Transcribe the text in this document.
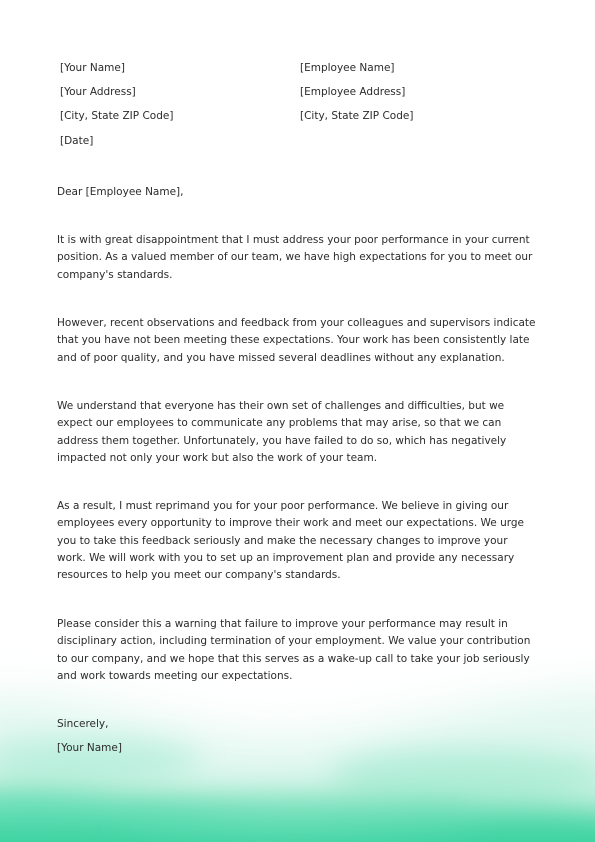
[Your Name]
[Your Address]
[City, State ZIP Code]
[Date]
[Employee Name]
[Employee Address]
[City, State ZIP Code]
Dear [Employee Name],

It is with great disappointment that I must address your poor performance in your current position. As a valued member of our team, we have high expectations for you to meet our company's standards.

However, recent observations and feedback from your colleagues and supervisors indicate that you have not been meeting these expectations. Your work has been consistently late and of poor quality, and you have missed several deadlines without any explanation.

We understand that everyone has their own set of challenges and difficulties, but we expect our employees to communicate any problems that may arise, so that we can address them together. Unfortunately, you have failed to do so, which has negatively impacted not only your work but also the work of your team.

As a result, I must reprimand you for your poor performance. We believe in giving our employees every opportunity to improve their work and meet our expectations. We urge you to take this feedback seriously and make the necessary changes to improve your work. We will work with you to set up an improvement plan and provide any necessary resources to help you meet our company's standards.

Please consider this a warning that failure to improve your performance may result in disciplinary action, including termination of your employment. We value your contribution to our company, and we hope that this serves as a wake-up call to take your job seriously and work towards meeting our expectations.

Sincerely,
[Your Name]
